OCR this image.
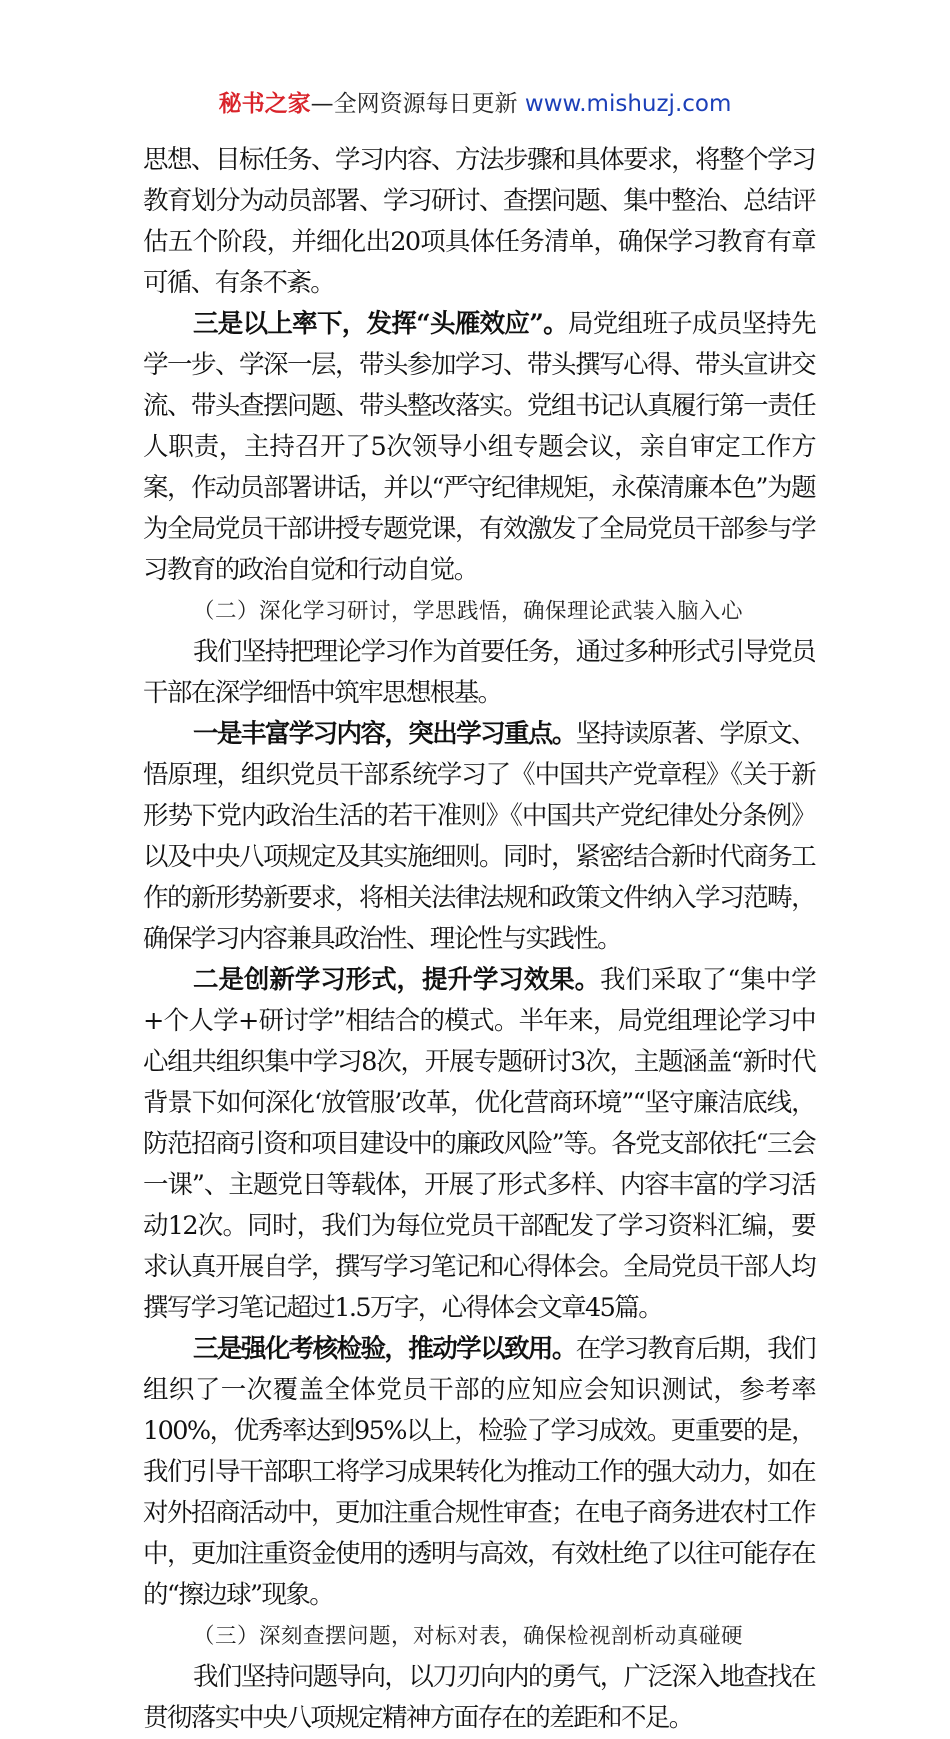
秘书之家—全网资源每日更新 www.mishuzj.com

思想、目标任务、学习内容、方法步骤和具体要求，将整个学习教育划分为动员部署、学习研讨、查摆问题、集中整治、总结评估五个阶段，并细化出20项具体任务清单，确保学习教育有章可循、有条不紊。

三是以上率下，发挥“头雁效应”。局党组班子成员坚持先学一步、学深一层，带头参加学习、带头撰写心得、带头宣讲交流、带头查摆问题、带头整改落实。党组书记认真履行第一责任人职责，主持召开了5次领导小组专题会议，亲自审定工作方案，作动员部署讲话，并以“严守纪律规矩，永葆清廉本色”为题为全局党员干部讲授专题党课，有效激发了全局党员干部参与学习教育的政治自觉和行动自觉。

（二）深化学习研讨，学思践悟，确保理论武装入脑入心

我们坚持把理论学习作为首要任务，通过多种形式引导党员干部在深学细悟中筑牢思想根基。

一是丰富学习内容，突出学习重点。坚持读原著、学原文、悟原理，组织党员干部系统学习了《中国共产党章程》《关于新形势下党内政治生活的若干准则》《中国共产党纪律处分条例》以及中央八项规定及其实施细则。同时，紧密结合新时代商务工作的新形势新要求，将相关法律法规和政策文件纳入学习范畴，确保学习内容兼具政治性、理论性与实践性。

二是创新学习形式，提升学习效果。我们采取了“集中学+个人学+研讨学”相结合的模式。半年来，局党组理论学习中心组共组织集中学习8次，开展专题研讨3次，主题涵盖“新时代背景下如何深化‘放管服’改革，优化营商环境”“坚守廉洁底线，防范招商引资和项目建设中的廉政风险”等。各党支部依托“三会一课”、主题党日等载体，开展了形式多样、内容丰富的学习活动12次。同时，我们为每位党员干部配发了学习资料汇编，要求认真开展自学，撰写学习笔记和心得体会。全局党员干部人均撰写学习笔记超过1.5万字，心得体会文章45篇。

三是强化考核检验，推动学以致用。在学习教育后期，我们组织了一次覆盖全体党员干部的应知应会知识测试，参考率100%，优秀率达到95%以上，检验了学习成效。更重要的是，我们引导干部职工将学习成果转化为推动工作的强大动力，如在对外招商活动中，更加注重合规性审查；在电子商务进农村工作中，更加注重资金使用的透明与高效，有效杜绝了以往可能存在的“擦边球”现象。

（三）深刻查摆问题，对标对表，确保检视剖析动真碰硬

我们坚持问题导向，以刀刃向内的勇气，广泛深入地查找在贯彻落实中央八项规定精神方面存在的差距和不足。
